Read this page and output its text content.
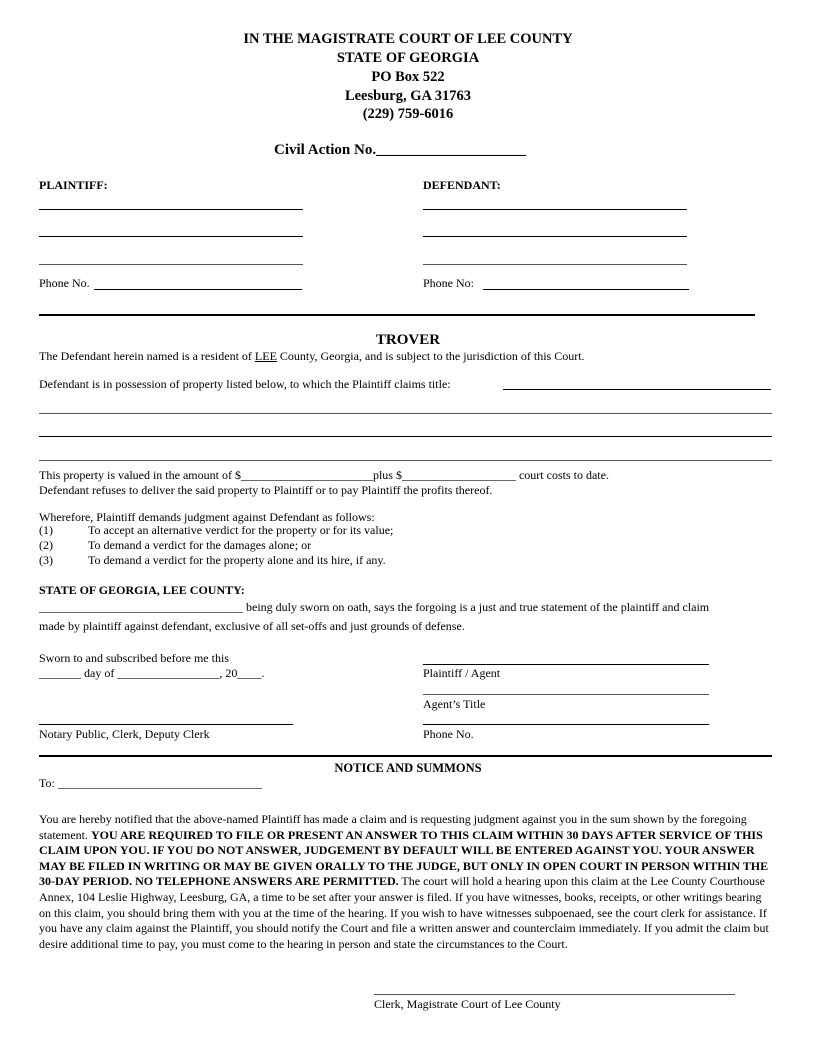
IN THE MAGISTRATE COURT OF LEE COUNTY
STATE OF GEORGIA
PO Box 522
Leesburg, GA 31763
(229) 759-6016
Civil Action No.____________________
PLAINTIFF:	DEFENDANT:
Phone No.	Phone No:
TROVER
The Defendant herein named is a resident of LEE County, Georgia, and is subject to the jurisdiction of this Court.
Defendant is in possession of property listed below, to which the Plaintiff claims title:
This property is valued in the amount of $______________________plus $___________________ court costs to date.
Defendant refuses to deliver the said property to Plaintiff or to pay Plaintiff the profits thereof.
Wherefore, Plaintiff demands judgment against Defendant as follows:
(1)	To accept an alternative verdict for the property or for its value;
(2)	To demand a verdict for the damages alone; or
(3)	To demand a verdict for the property alone and its hire, if any.
STATE OF GEORGIA, LEE COUNTY:
__________________________________ being duly sworn on oath, says the forgoing is a just and true statement of the plaintiff and claim
made by plaintiff against defendant, exclusive of all set-offs and just grounds of defense.
Sworn to and subscribed before me this
_______ day of _________________, 20____.	Plaintiff / Agent
Agent’s Title
Notary Public, Clerk, Deputy Clerk	Phone No.
NOTICE AND SUMMONS
To: __________________________________
You are hereby notified that the above-named Plaintiff has made a claim and is requesting judgment against you in the sum shown by the foregoing statement. YOU ARE REQUIRED TO FILE OR PRESENT AN ANSWER TO THIS CLAIM WITHIN 30 DAYS AFTER SERVICE OF THIS CLAIM UPON YOU. IF YOU DO NOT ANSWER, JUDGEMENT BY DEFAULT WILL BE ENTERED AGAINST YOU. YOUR ANSWER MAY BE FILED IN WRITING OR MAY BE GIVEN ORALLY TO THE JUDGE, BUT ONLY IN OPEN COURT IN PERSON WITHIN THE 30-DAY PERIOD. NO TELEPHONE ANSWERS ARE PERMITTED. The court will hold a hearing upon this claim at the Lee County Courthouse Annex, 104 Leslie Highway, Leesburg, GA, a time to be set after your answer is filed. If you have witnesses, books, receipts, or other writings bearing on this claim, you should bring them with you at the time of the hearing. If you wish to have witnesses subpoenaed, see the court clerk for assistance. If you have any claim against the Plaintiff, you should notify the Court and file a written answer and counterclaim immediately. If you admit the claim but desire additional time to pay, you must come to the hearing in person and state the circumstances to the Court.
Clerk, Magistrate Court of Lee County
